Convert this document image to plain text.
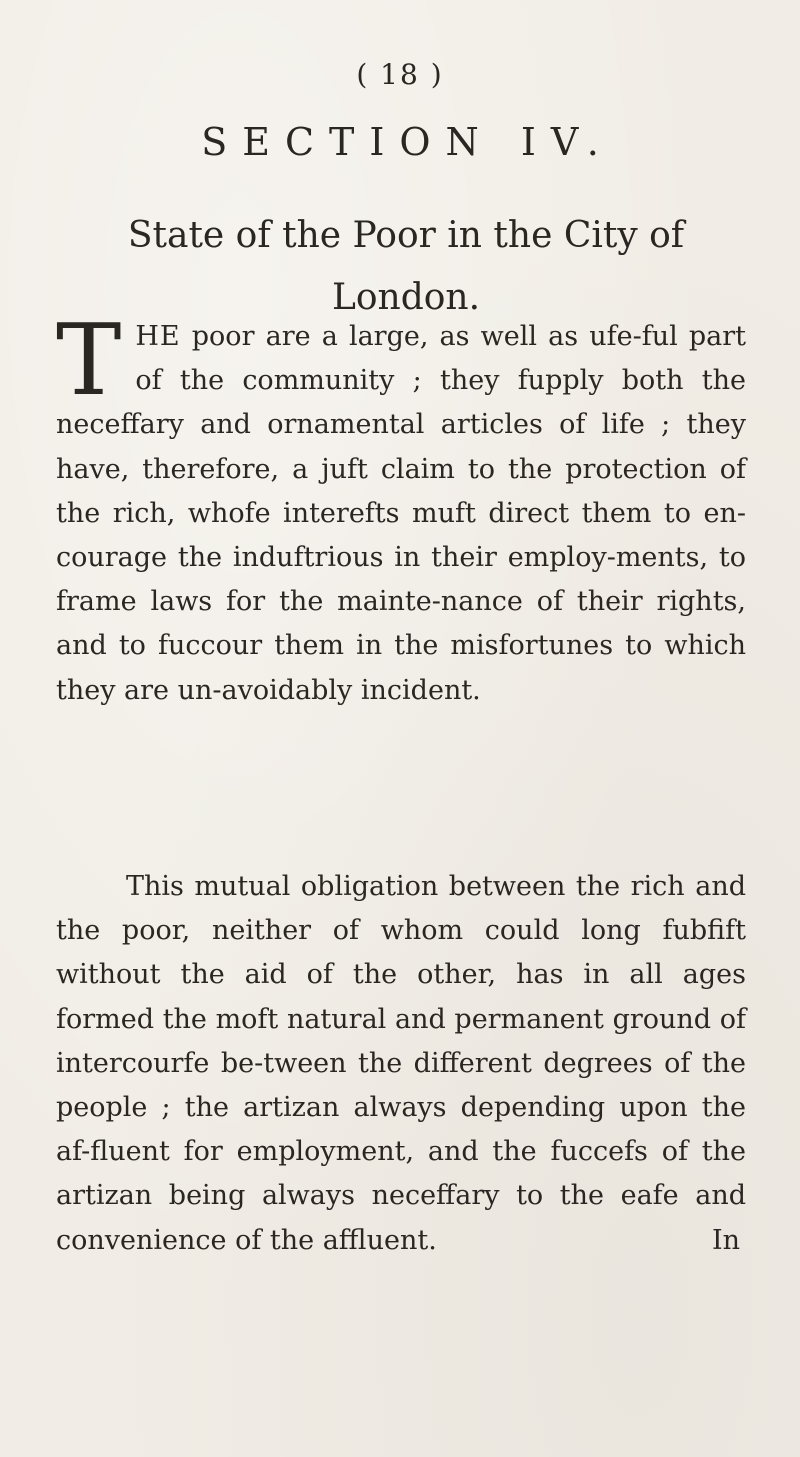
( 18 )
SECTION IV.
State of the Poor in the City of London.
THE poor are a large, as well as ufe-ful part of the community ; they fupply both the neceffary and ornamental articles of life ; they have, therefore, a juft claim to the protection of the rich, whofe interefts muft direct them to en-courage the induftrious in their employ-ments, to frame laws for the mainte-nance of their rights, and to fuccour them in the misfortunes to which they are un-avoidably incident.
This mutual obligation between the rich and the poor, neither of whom could long fubfift without the aid of the other, has in all ages formed the moft natural and permanent ground of intercourfe be-tween the different degrees of the people ; the artizan always depending upon the af-fluent for employment, and the fuccefs of the artizan being always neceffary to the eafe and convenience of the affluent.	In
